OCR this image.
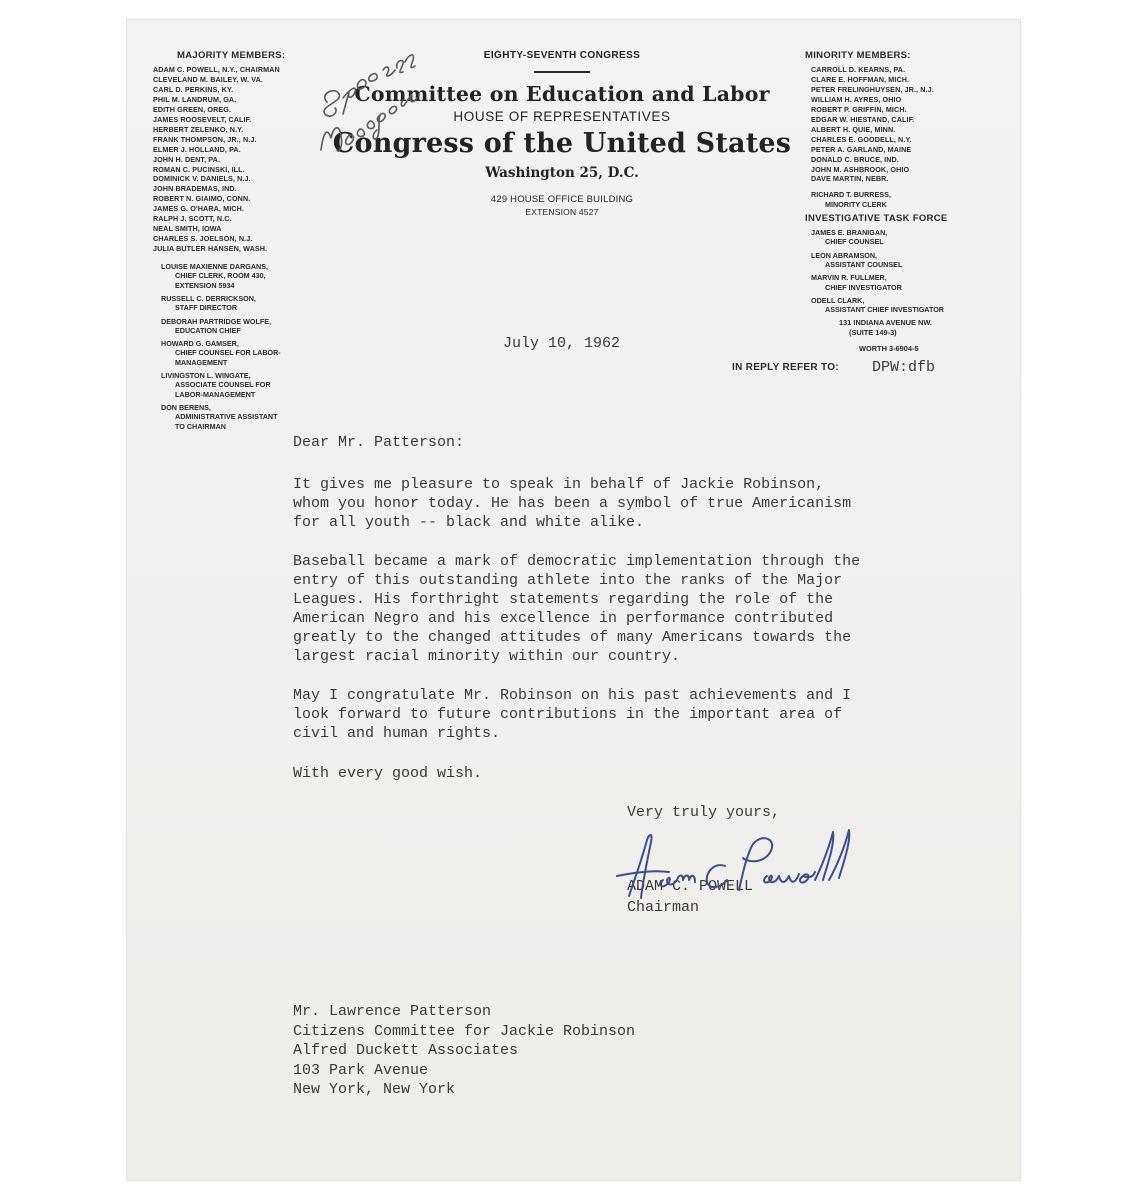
MAJORITY MEMBERS:
ADAM C. POWELL, N.Y., CHAIRMAN
CLEVELAND M. BAILEY, W. VA.
CARL D. PERKINS, KY.
PHIL M. LANDRUM, GA.
EDITH GREEN, OREG.
JAMES ROOSEVELT, CALIF.
HERBERT ZELENKO, N.Y.
FRANK THOMPSON, JR., N.J.
ELMER J. HOLLAND, PA.
JOHN H. DENT, PA.
ROMAN C. PUCINSKI, ILL.
DOMINICK V. DANIELS, N.J.
JOHN BRADEMAS, IND.
ROBERT N. GIAIMO, CONN.
JAMES G. O'HARA, MICH.
RALPH J. SCOTT, N.C.
NEAL SMITH, IOWA
CHARLES S. JOELSON, N.J.
JULIA BUTLER HANSEN, WASH.
LOUISE MAXIENNE DARGANS,
CHIEF CLERK, ROOM 430,
EXTENSION 5934
RUSSELL C. DERRICKSON,
STAFF DIRECTOR
DEBORAH PARTRIDGE WOLFE,
EDUCATION CHIEF
HOWARD G. GAMSER,
CHIEF COUNSEL FOR LABOR-
MANAGEMENT
LIVINGSTON L. WINGATE,
ASSOCIATE COUNSEL FOR
LABOR-MANAGEMENT
DON BERENS,
ADMINISTRATIVE ASSISTANT
TO CHAIRMAN
EIGHTY-SEVENTH CONGRESS
Committee on Education and Labor
HOUSE OF REPRESENTATIVES
Congress of the United States
Washington 25, D.C.
429 HOUSE OFFICE BUILDING
EXTENSION 4527
MINORITY MEMBERS:
CARROLL D. KEARNS, PA.
CLARE E. HOFFMAN, MICH.
PETER FRELINGHUYSEN, JR., N.J.
WILLIAM H. AYRES, OHIO
ROBERT P. GRIFFIN, MICH.
EDGAR W. HIESTAND, CALIF.
ALBERT H. QUIE, MINN.
CHARLES E. GOODELL, N.Y.
PETER A. GARLAND, MAINE
DONALD C. BRUCE, IND.
JOHN M. ASHBROOK, OHIO
DAVE MARTIN, NEBR.
RICHARD T. BURRESS,
MINORITY CLERK
INVESTIGATIVE TASK FORCE
JAMES E. BRANIGAN,
CHIEF COUNSEL
LEON ABRAMSON,
ASSISTANT COUNSEL
MARVIN R. FULLMER,
CHIEF INVESTIGATOR
ODELL CLARK,
ASSISTANT CHIEF INVESTIGATOR
131 INDIANA AVENUE NW.
(SUITE 149-3)
WORTH 3-6904-5
July 10, 1962
IN REPLY REFER TO: DPW:dfb
Dear Mr. Patterson:
It gives me pleasure to speak in behalf of Jackie Robinson,
whom you honor today. He has been a symbol of true Americanism
for all youth -- black and white alike.
Baseball became a mark of democratic implementation through the
entry of this outstanding athlete into the ranks of the Major
Leagues. His forthright statements regarding the role of the
American Negro and his excellence in performance contributed
greatly to the changed attitudes of many Americans towards the
largest racial minority within our country.
May I congratulate Mr. Robinson on his past achievements and I
look forward to future contributions in the important area of
civil and human rights.
With every good wish.
Very truly yours,
ADAM C. POWELL
Chairman
Mr. Lawrence Patterson
Citizens Committee for Jackie Robinson
Alfred Duckett Associates
103 Park Avenue
New York, New York
